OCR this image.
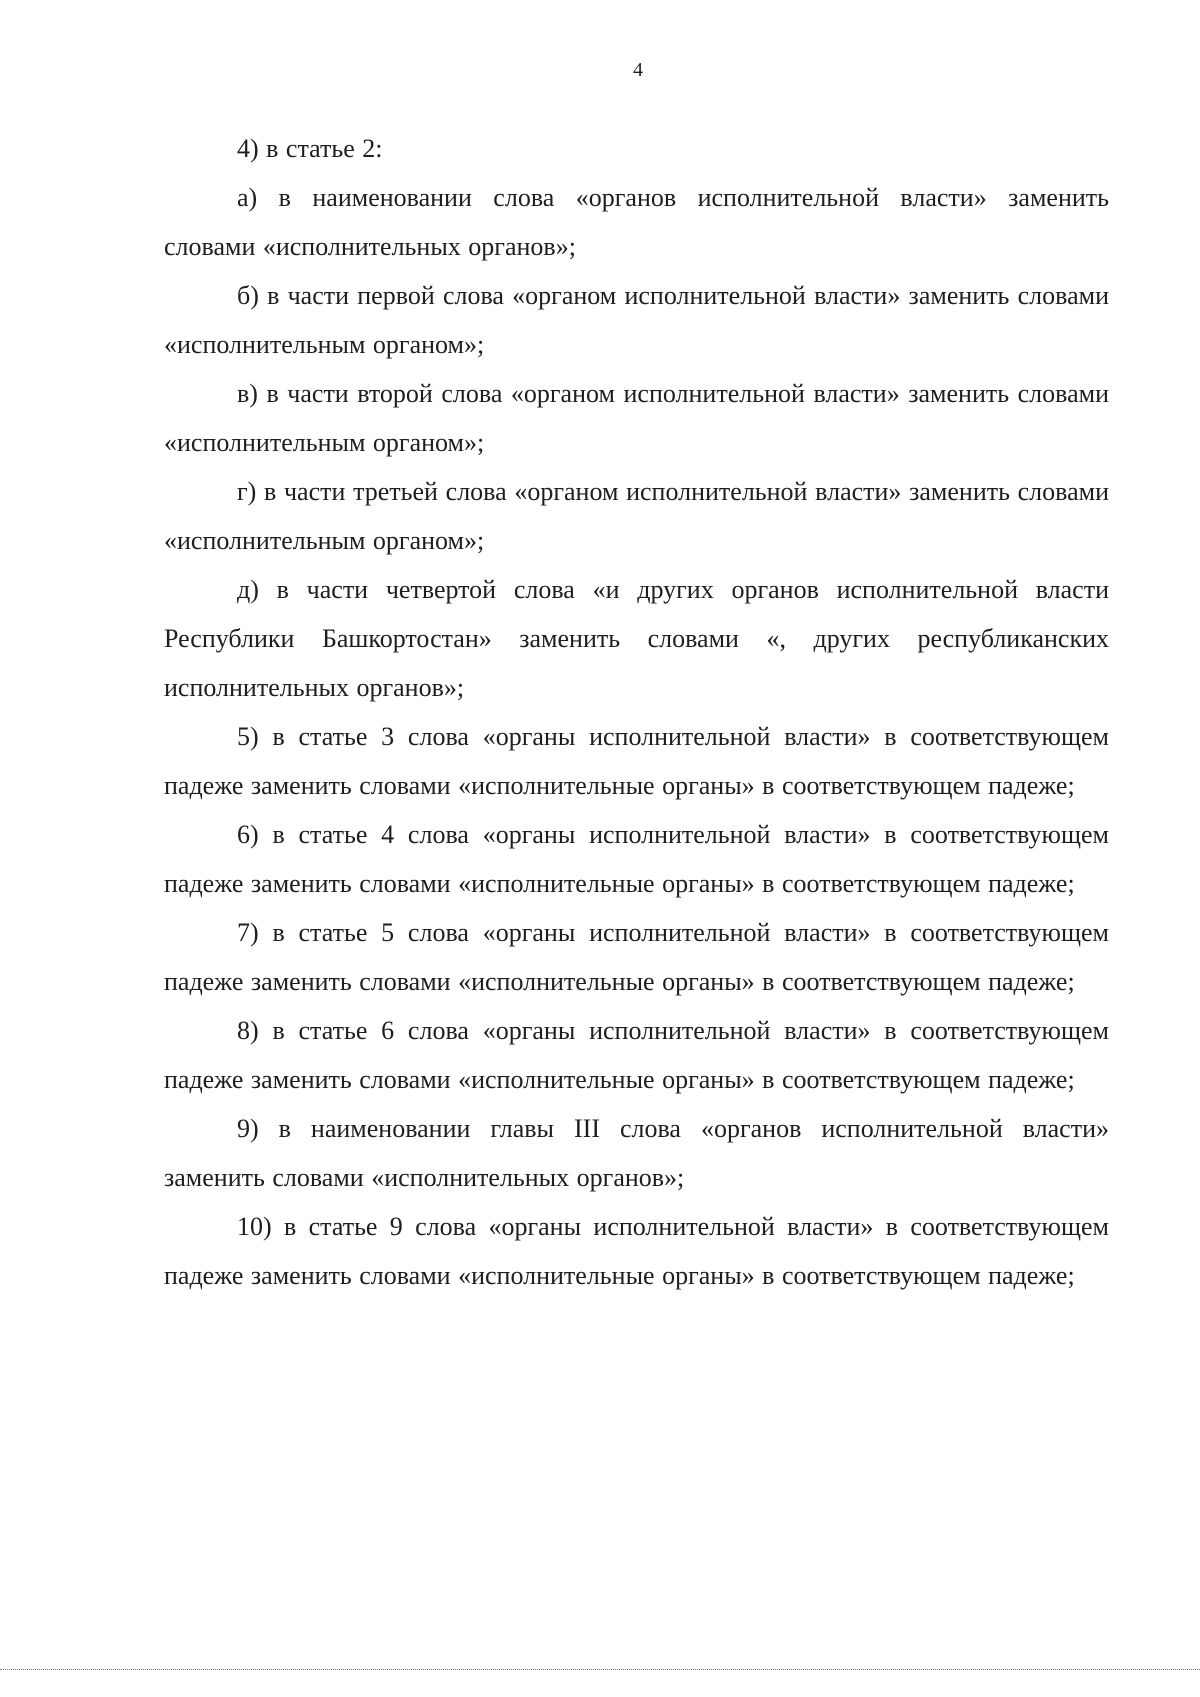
4

4) в статье 2:

а) в наименовании слова «органов исполнительной власти» заменить словами «исполнительных органов»;

б) в части первой слова «органом исполнительной власти» заменить словами «исполнительным органом»;

в) в части второй слова «органом исполнительной власти» заменить словами «исполнительным органом»;

г) в части третьей слова «органом исполнительной власти» заменить словами «исполнительным органом»;

д) в части четвертой слова «и других органов исполнительной власти Республики Башкортостан» заменить словами «, других республиканских исполнительных органов»;

5) в статье 3 слова «органы исполнительной власти» в соответствующем падеже заменить словами «исполнительные органы» в соответствующем падеже;

6) в статье 4 слова «органы исполнительной власти» в соответствующем падеже заменить словами «исполнительные органы» в соответствующем падеже;

7) в статье 5 слова «органы исполнительной власти» в соответствующем падеже заменить словами «исполнительные органы» в соответствующем падеже;

8) в статье 6 слова «органы исполнительной власти» в соответствующем падеже заменить словами «исполнительные органы» в соответствующем падеже;

9) в наименовании главы III слова «органов исполнительной власти» заменить словами «исполнительных органов»;

10) в статье 9 слова «органы исполнительной власти» в соответствующем падеже заменить словами «исполнительные органы» в соответствующем падеже;
